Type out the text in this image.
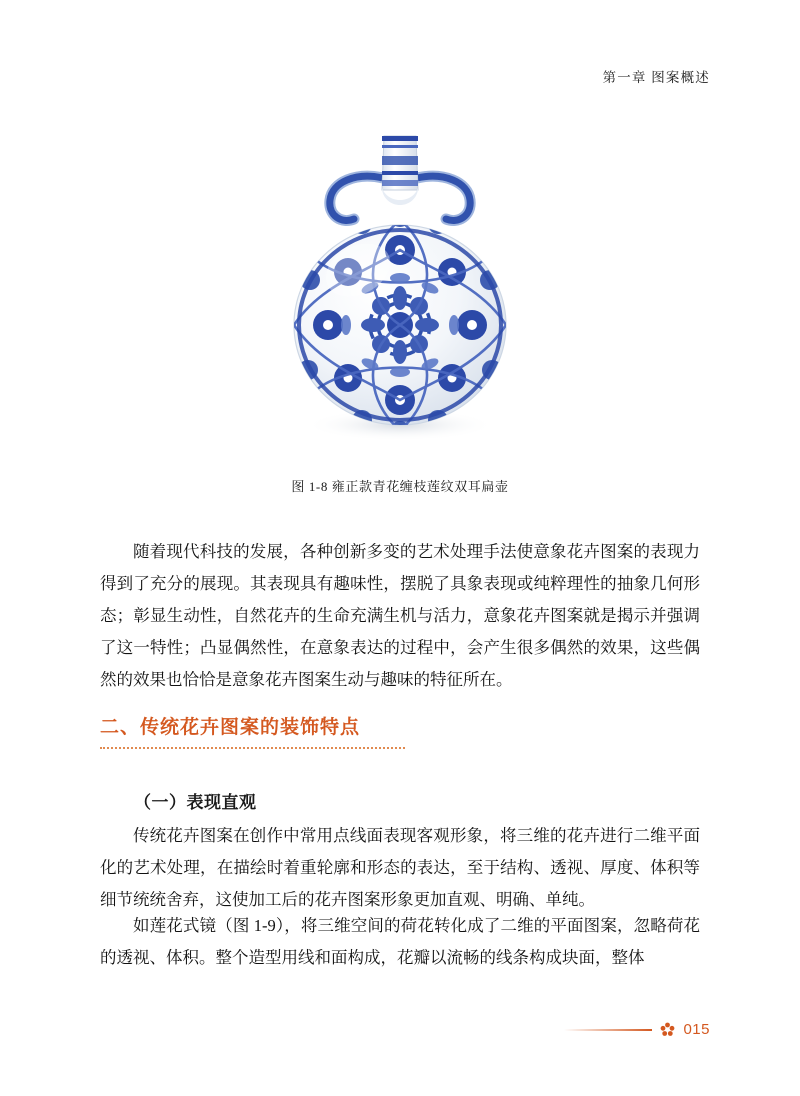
第一章 图案概述
图 1-8 雍正款青花缠枝莲纹双耳扁壶

随着现代科技的发展，各种创新多变的艺术处理手法使意象花卉图案的表现力得到了充分的展现。其表现具有趣味性，摆脱了具象表现或纯粹理性的抽象几何形态；彰显生动性，自然花卉的生命充满生机与活力，意象花卉图案就是揭示并强调了这一特性；凸显偶然性，在意象表达的过程中，会产生很多偶然的效果，这些偶然的效果也恰恰是意象花卉图案生动与趣味的特征所在。

二、传统花卉图案的装饰特点
（一）表现直观

传统花卉图案在创作中常用点线面表现客观形象，将三维的花卉进行二维平面化的艺术处理，在描绘时着重轮廓和形态的表达，至于结构、透视、厚度、体积等细节统统舍弃，这使加工后的花卉图案形象更加直观、明确、单纯。

如莲花式镜（图 1-9），将三维空间的荷花转化成了二维的平面图案，忽略荷花的透视、体积。整个造型用线和面构成，花瓣以流畅的线条构成块面，整体

015
